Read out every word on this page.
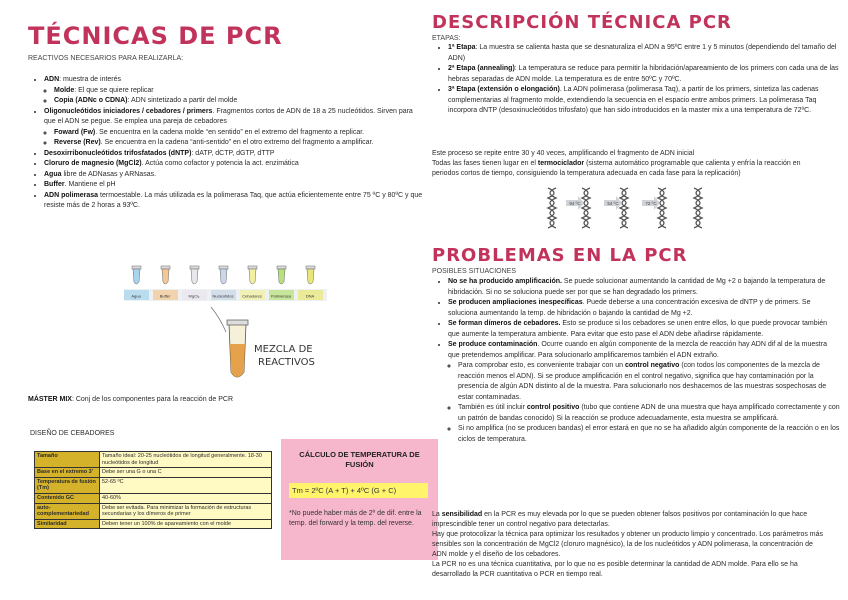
TÉCNICAS DE PCR
REACTIVOS NECESARIOS PARA REALIZARLA:
• ADN: muestra de interés
◦ Molde: El que se quiere replicar
◦ Copia (ADNc o CDNA): ADN sintetizado a partir del molde
• Oligonucleótidos iniciadores / cebadores / primers. Fragmentos cortos de ADN de 18 a 25 nucleótidos. Sirven para que el ADN se pegue. Se emplea una pareja de cebadores
◦ Foward (Fw). Se encuentra en la cadena molde “en sentido” en el extremo del fragmento a replicar.
◦ Reverse (Rev). Se encuentra en la cadena “anti-sentido” en el otro extremo del fragmento a amplificar.
• Desoxirribonucleótidos trifosfatados (dNTP): dATP, dCTP, dGTP, dTTP
• Cloruro de magnesio (MgCl2). Actúa como cofactor y potencia la act. enzimática
• Agua libre de ADNasas y ARNasas.
• Buffer. Mantiene el pH
• ADN polimerasa termoestable. La más utilizada es la polimerasa Taq, que actúa eficientemente entre 75 ºC y 80ºC y que resiste más de 2 horas a 93ºC.
Agua	Buffer	MgCl₂	Nucleótidos Cebadores Polimerasa	DNA
MEZCLA DE
REACTIVOS
MÁSTER MIX: Conj de los componentes para la reacción de PCR
DISEÑO DE CEBADORES
Tamaño	Tamaño ideal: 20-25 nucleótidos de longitud generalmente. 18-30 nucleótidos de longitud
Base en el extremo 3'	Debe ser una G o una C
Temperatura de fusión (Tm)	52-65 ºC
Contenido GC	40-60%
auto-complementariedad	Debe ser evitada. Para minimizar la formación de estructuras secundarias y los dímeros de primer
Similaridad	Deben tener un 100% de apareamiento con el molde
CÁLCULO DE TEMPERATURA DE FUSIÓN
Tm = 2ºC (A + T) + 4ºC (G + C)
*No puede haber más de 2º de dif. entre la temp. del forward y la temp. del reverse.
DESCRIPCIÓN TÉCNICA PCR
ETAPAS:
• 1ª Etapa: La muestra se calienta hasta que se desnaturaliza el ADN a 95ºC entre 1 y 5 minutos (dependiendo del tamaño del ADN)
• 2ª Etapa (annealing): La temperatura se reduce para permitir la hibridación/apareamiento de los primers con cada una de las hebras separadas de ADN molde. La temperatura es de entre 50ºC y 70ºC.
• 3ª Etapa (extensión o elongación). La ADN polimerasa (polimerasa Taq), a partir de los primers, sintetiza las cadenas complementarias al fragmento molde, extendiendo la secuencia en el espacio entre ambos primers. La polimerasa Taq incorpora dNTP (desoxinucleótidos trifosfato) que han sido introducidos en la master mix a una temperatura de 72ºC.
Este proceso se repite entre 30 y 40 veces, amplificando el fragmento de ADN inicial
Todas las fases tienen lugar en el termociclador (sistema automático programable que calienta y enfría la reacción en periodos cortos de tiempo, consiguiendo la temperatura adecuada en cada fase para la replicación)
94 ºC	54 ºC	72 ºC
PROBLEMAS EN LA PCR
POSIBLES SITUACIONES
• No se ha producido amplificación. Se puede solucionar aumentando la cantidad de Mg +2 o bajando la temperatura de hibridación. Si no se soluciona puede ser por que se han degradado los primers.
• Se producen ampliaciones inespecíficas. Puede deberse a una concentración excesiva de dNTP y de primers. Se soluciona aumentando la temp. de hibridación o bajando la cantidad de Mg +2.
• Se forman dímeros de cebadores. Esto se produce si los cebadores se unen entre ellos, lo que puede provocar también que aumente la temperatura ambiente. Para evitar que esto pase el ADN debe añadirse rápidamente.
• Se produce contaminación. Ocurre cuando en algún componente de la mezcla de reacción hay ADN dif al de la muestra que pretendemos amplificar. Para solucionarlo amplificaremos también el ADN extraño.
◦ Para comprobar esto, es conveniente trabajar con un control negativo (con todos los componentes de la mezcla de reacción menos el ADN). Si se produce amplificación en el control negativo, significa que hay contaminación por la presencia de algún ADN distinto al de la muestra. Para solucionarlo nos deshacemos de las muestras sospechosas de estar contaminadas.
◦ También es útil incluir control positivo (tubo que contiene ADN de una muestra que haya amplificado correctamente y con un patrón de bandas conocido) Si la reacción se produce adecuadamente, esta muestra se amplificará.
◦ Si no amplifica (no se producen bandas) el error estará en que no se ha añadido algún componente de la reacción o en los ciclos de temperatura.
La sensibilidad en la PCR es muy elevada por lo que se pueden obtener falsos positivos por contaminación lo que hace imprescindible tener un control negativo para detectarlas.
Hay que protocolizar la técnica para optimizar los resultados y obtener un producto limpio y concentrado. Los parámetros más sensibles son la concentración de MgCl2 (cloruro magnésico), la de los nucleótidos y ADN polimerasa, la concentración de ADN molde y el diseño de los cebadores.
La PCR no es una técnica cuantitativa, por lo que no es posible determinar la cantidad de ADN molde. Para ello se ha desarrollado la PCR cuantitativa o PCR en tiempo real.
